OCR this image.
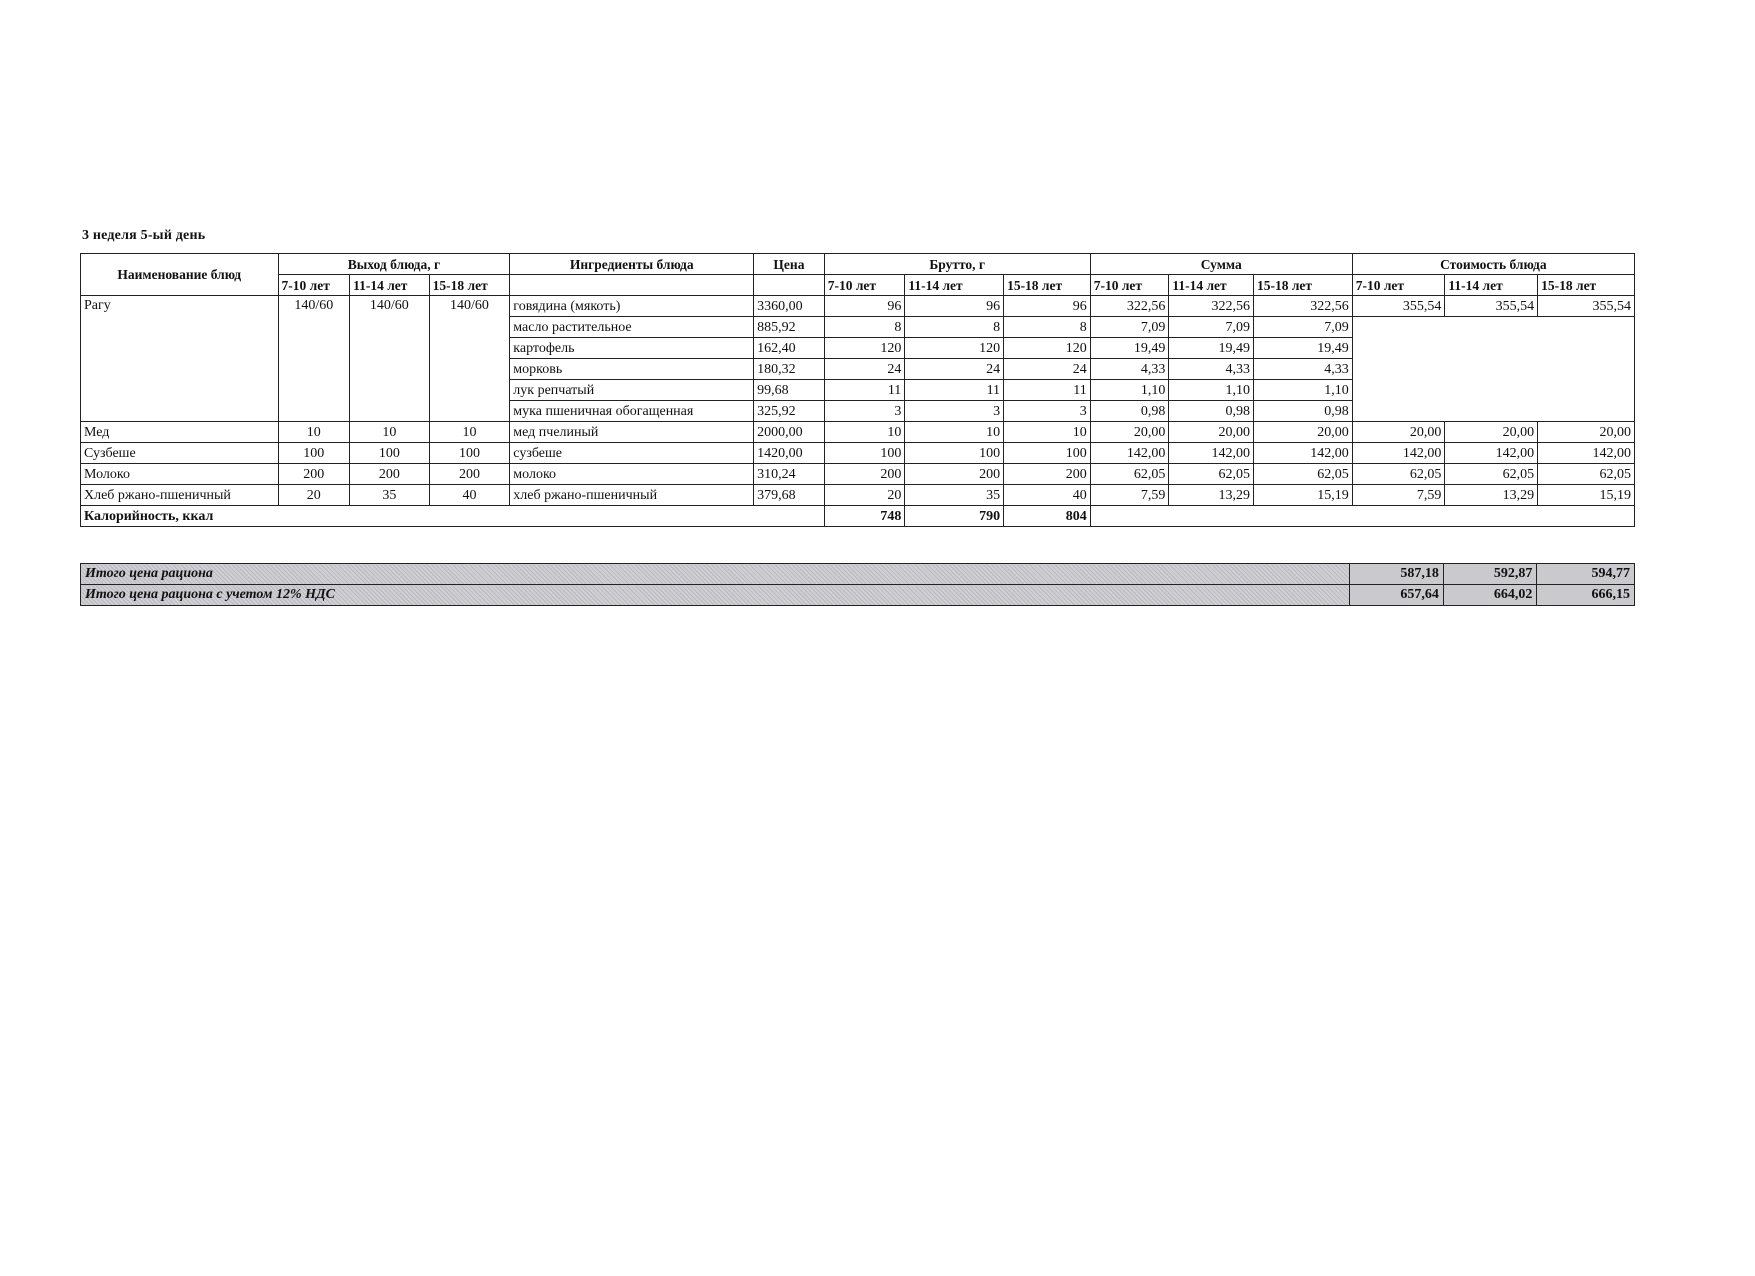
3 неделя 5-ый день
Наименование блюд	Выход блюда, г			Ингредиенты блюда	Цена	Брутто, г			Сумма			Стоимость блюда		
	7-10 лет	11-14 лет	15-18 лет			7-10 лет	11-14 лет	15-18 лет	7-10 лет	11-14 лет	15-18 лет	7-10 лет	11-14 лет	15-18 лет
Рагу	140/60	140/60	140/60	говядина (мякоть)	3360,00	96	96	96	322,56	322,56	322,56	355,54	355,54	355,54
				масло растительное	885,92	8	8	8	7,09	7,09	7,09			
				картофель	162,40	120	120	120	19,49	19,49	19,49			
				морковь	180,32	24	24	24	4,33	4,33	4,33			
				лук репчатый	99,68	11	11	11	1,10	1,10	1,10			
				мука пшеничная обогащенная	325,92	3	3	3	0,98	0,98	0,98			
Мед	10	10	10	мед пчелиный	2000,00	10	10	10	20,00	20,00	20,00	20,00	20,00	20,00
Сузбеше	100	100	100	сузбеше	1420,00	100	100	100	142,00	142,00	142,00	142,00	142,00	142,00
Молоко	200	200	200	молоко	310,24	200	200	200	62,05	62,05	62,05	62,05	62,05	62,05
Хлеб ржано-пшеничный	20	35	40	хлеб ржано-пшеничный	379,68	20	35	40	7,59	13,29	15,19	7,59	13,29	15,19
Калорийность, ккал						748	790	804						
Итого цена рациона	587,18	592,87	594,77
Итого цена рациона с учетом 12% НДС	657,64	664,02	666,15
